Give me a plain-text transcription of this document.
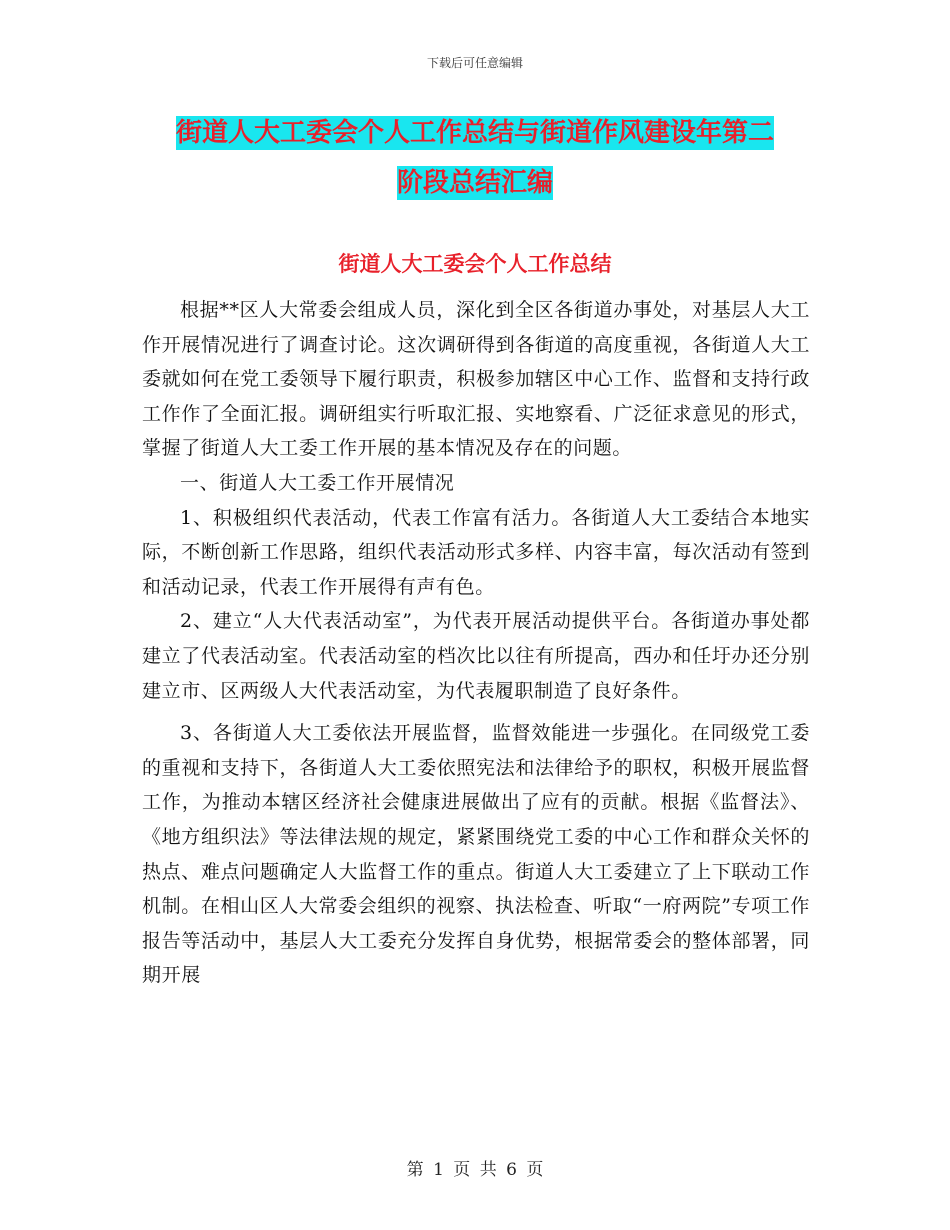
下载后可任意编辑
街道人大工委会个人工作总结与街道作风建设年第二
阶段总结汇编
街道人大工委会个人工作总结

根据**区人大常委会组成人员，深化到全区各街道办事处，对基层人大工作开展情况进行了调查讨论。这次调研得到各街道的高度重视，各街道人大工委就如何在党工委领导下履行职责，积极参加辖区中心工作、监督和支持行政工作作了全面汇报。调研组实行听取汇报、实地察看、广泛征求意见的形式，掌握了街道人大工委工作开展的基本情况及存在的问题。

一、街道人大工委工作开展情况

1、积极组织代表活动，代表工作富有活力。各街道人大工委结合本地实际，不断创新工作思路，组织代表活动形式多样、内容丰富，每次活动有签到和活动记录，代表工作开展得有声有色。

2、建立“人大代表活动室”，为代表开展活动提供平台。各街道办事处都建立了代表活动室。代表活动室的档次比以往有所提高，西办和任圩办还分别建立市、区两级人大代表活动室，为代表履职制造了良好条件。

3、各街道人大工委依法开展监督，监督效能进一步强化。在同级党工委的重视和支持下，各街道人大工委依照宪法和法律给予的职权，积极开展监督工作，为推动本辖区经济社会健康进展做出了应有的贡献。根据《监督法》、《地方组织法》等法律法规的规定，紧紧围绕党工委的中心工作和群众关怀的热点、难点问题确定人大监督工作的重点。街道人大工委建立了上下联动工作机制。在相山区人大常委会组织的视察、执法检查、听取“一府两院”专项工作报告等活动中，基层人大工委充分发挥自身优势，根据常委会的整体部署，同期开展

第 1 页 共 6 页
